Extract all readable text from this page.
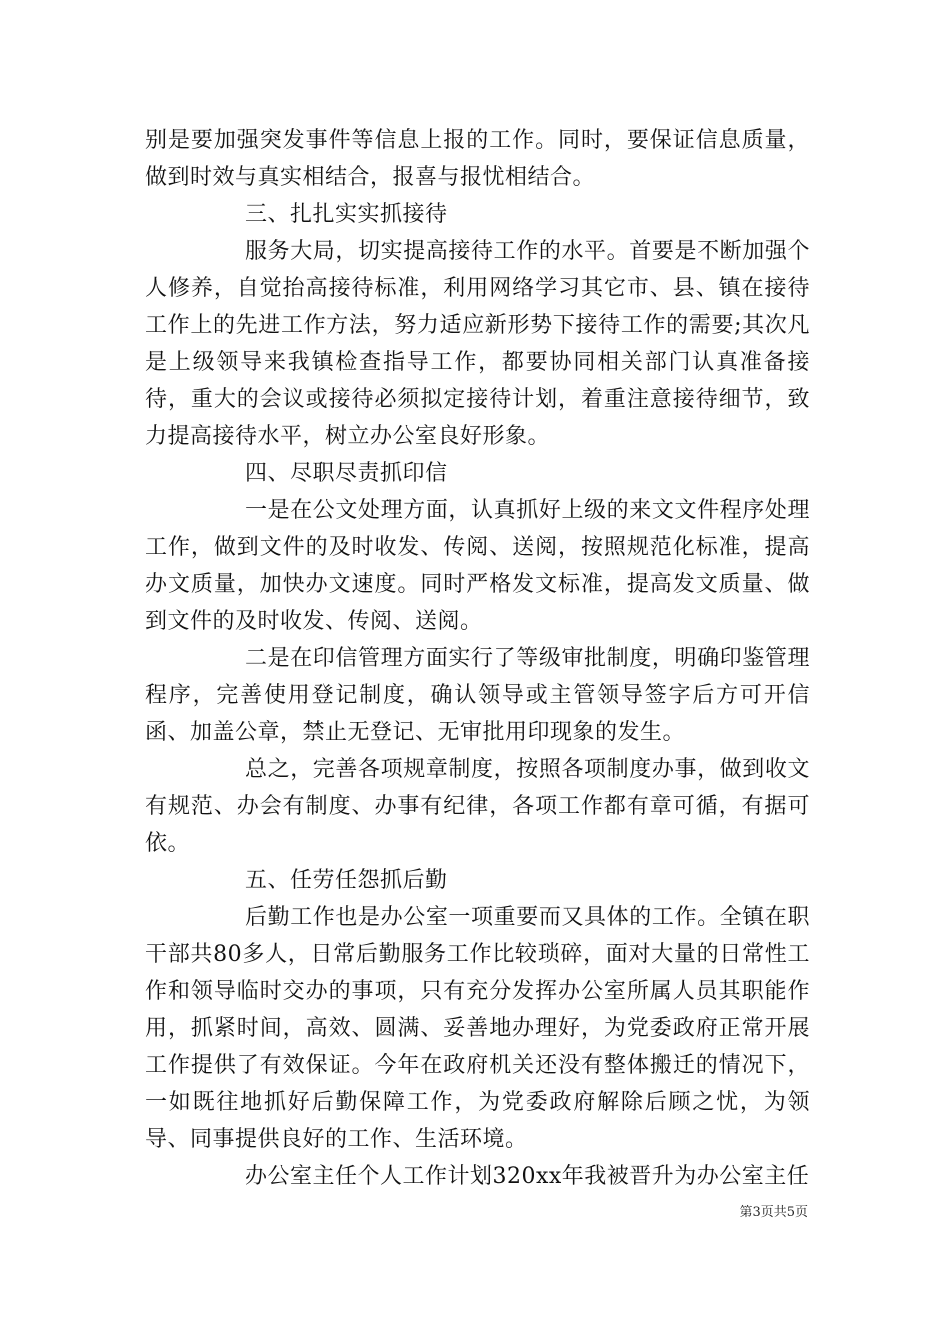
别是要加强突发事件等信息上报的工作。同时，要保证信息质量，做到时效与真实相结合，报喜与报忧相结合。

三、扎扎实实抓接待

服务大局，切实提高接待工作的水平。首要是不断加强个人修养，自觉抬高接待标准，利用网络学习其它市、县、镇在接待工作上的先进工作方法，努力适应新形势下接待工作的需要;其次凡是上级领导来我镇检查指导工作，都要协同相关部门认真准备接待，重大的会议或接待必须拟定接待计划，着重注意接待细节，致力提高接待水平，树立办公室良好形象。

四、尽职尽责抓印信

一是在公文处理方面，认真抓好上级的来文文件程序处理工作，做到文件的及时收发、传阅、送阅，按照规范化标准，提高办文质量，加快办文速度。同时严格发文标准，提高发文质量、做到文件的及时收发、传阅、送阅。

二是在印信管理方面实行了等级审批制度，明确印鉴管理程序，完善使用登记制度，确认领导或主管领导签字后方可开信函、加盖公章，禁止无登记、无审批用印现象的发生。

总之，完善各项规章制度，按照各项制度办事，做到收文有规范、办会有制度、办事有纪律，各项工作都有章可循，有据可依。

五、任劳任怨抓后勤

后勤工作也是办公室一项重要而又具体的工作。全镇在职干部共80多人，日常后勤服务工作比较琐碎，面对大量的日常性工作和领导临时交办的事项，只有充分发挥办公室所属人员其职能作用，抓紧时间，高效、圆满、妥善地办理好，为党委政府正常开展工作提供了有效保证。今年在政府机关还没有整体搬迁的情况下，一如既往地抓好后勤保障工作，为党委政府解除后顾之忧，为领导、同事提供良好的工作、生活环境。

办公室主任个人工作计划320xx年我被晋升为办公室主任

第3页共5页
